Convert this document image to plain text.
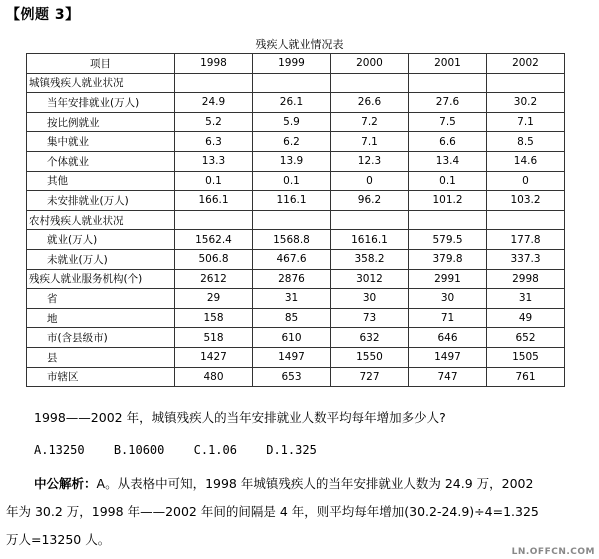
【例题 3】
残疾人就业情况表
项目	1998	1999	2000	2001	2002
城镇残疾人就业状况					
当年安排就业(万人)	24.9	26.1	26.6	27.6	30.2
按比例就业	5.2	5.9	7.2	7.5	7.1
集中就业	6.3	6.2	7.1	6.6	8.5
个体就业	13.3	13.9	12.3	13.4	14.6
其他	0.1	0.1	0	0.1	0
未安排就业(万人)	166.1	116.1	96.2	101.2	103.2
农村残疾人就业状况					
就业(万人)	1562.4	1568.8	1616.1	579.5	177.8
未就业(万人)	506.8	467.6	358.2	379.8	337.3
残疾人就业服务机构(个)	2612	2876	3012	2991	2998
省	29	31	30	30	31
地	158	85	73	71	49
市(含县级市)	518	610	632	646	652
县	1427	1497	1550	1497	1505
市辖区	480	653	727	747	761
1998——2002 年，城镇残疾人的当年安排就业人数平均每年增加多少人?
A.13250 B.10600 C.1.06 D.1.325
中公解析：A。从表格中可知，1998 年城镇残疾人的当年安排就业人数为 24.9 万，2002
年为 30.2 万，1998 年——2002 年间的间隔是 4 年，则平均每年增加(30.2-24.9)÷4=1.325
万人=13250 人。
LN.OFFCN.COM
